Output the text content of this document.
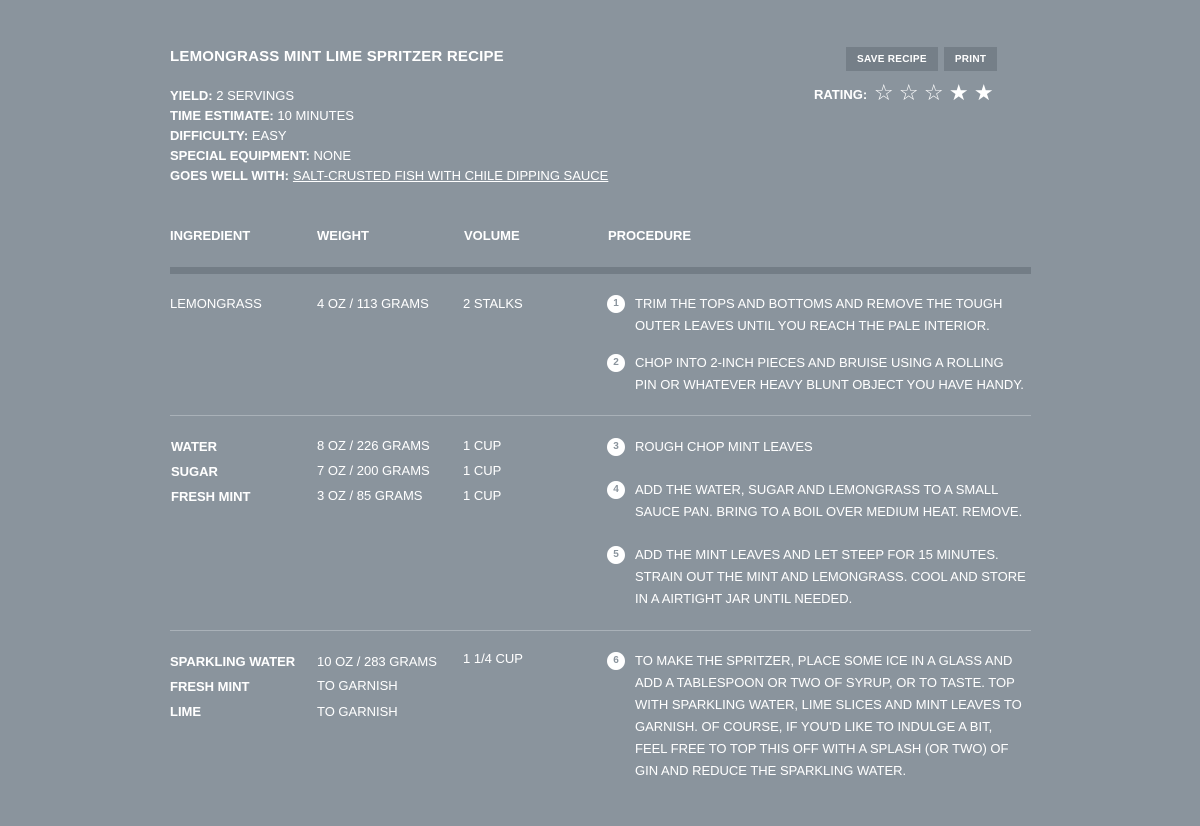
LEMONGRASS MINT LIME SPRITZER RECIPE
YIELD: 2 SERVINGS
TIME ESTIMATE: 10 MINUTES
DIFFICULTY: EASY
SPECIAL EQUIPMENT: NONE
GOES WELL WITH: SALT-CRUSTED FISH WITH CHILE DIPPING SAUCE
SAVE RECIPE	PRINT
RATING: ☆ ☆ ☆ ★ ★
INGREDIENT	WEIGHT	VOLUME	PROCEDURE
LEMONGRASS	4 OZ / 113 GRAMS	2 STALKS	1	TRIM THE TOPS AND BOTTOMS AND REMOVE THE TOUGH OUTER LEAVES UNTIL YOU REACH THE PALE INTERIOR.
2	CHOP INTO 2-INCH PIECES AND BRUISE USING A ROLLING PIN OR WHATEVER HEAVY BLUNT OBJECT YOU HAVE HANDY.
WATER	8 OZ / 226 GRAMS	1 CUP
SUGAR	7 OZ / 200 GRAMS	1 CUP
FRESH MINT	3 OZ / 85 GRAMS	1 CUP
3	ROUGH CHOP MINT LEAVES
4	ADD THE WATER, SUGAR AND LEMONGRASS TO A SMALL SAUCE PAN. BRING TO A BOIL OVER MEDIUM HEAT. REMOVE.
5	ADD THE MINT LEAVES AND LET STEEP FOR 15 MINUTES. STRAIN OUT THE MINT AND LEMONGRASS. COOL AND STORE IN A AIRTIGHT JAR UNTIL NEEDED.
SPARKLING WATER 10 OZ / 283 GRAMS 1 1/4 CUP
FRESH MINT	TO GARNISH
LIME	TO GARNISH
6	TO MAKE THE SPRITZER, PLACE SOME ICE IN A GLASS AND ADD A TABLESPOON OR TWO OF SYRUP, OR TO TASTE. TOP WITH SPARKLING WATER, LIME SLICES AND MINT LEAVES TO GARNISH. OF COURSE, IF YOU'D LIKE TO INDULGE A BIT, FEEL FREE TO TOP THIS OFF WITH A SPLASH (OR TWO) OF GIN AND REDUCE THE SPARKLING WATER.
